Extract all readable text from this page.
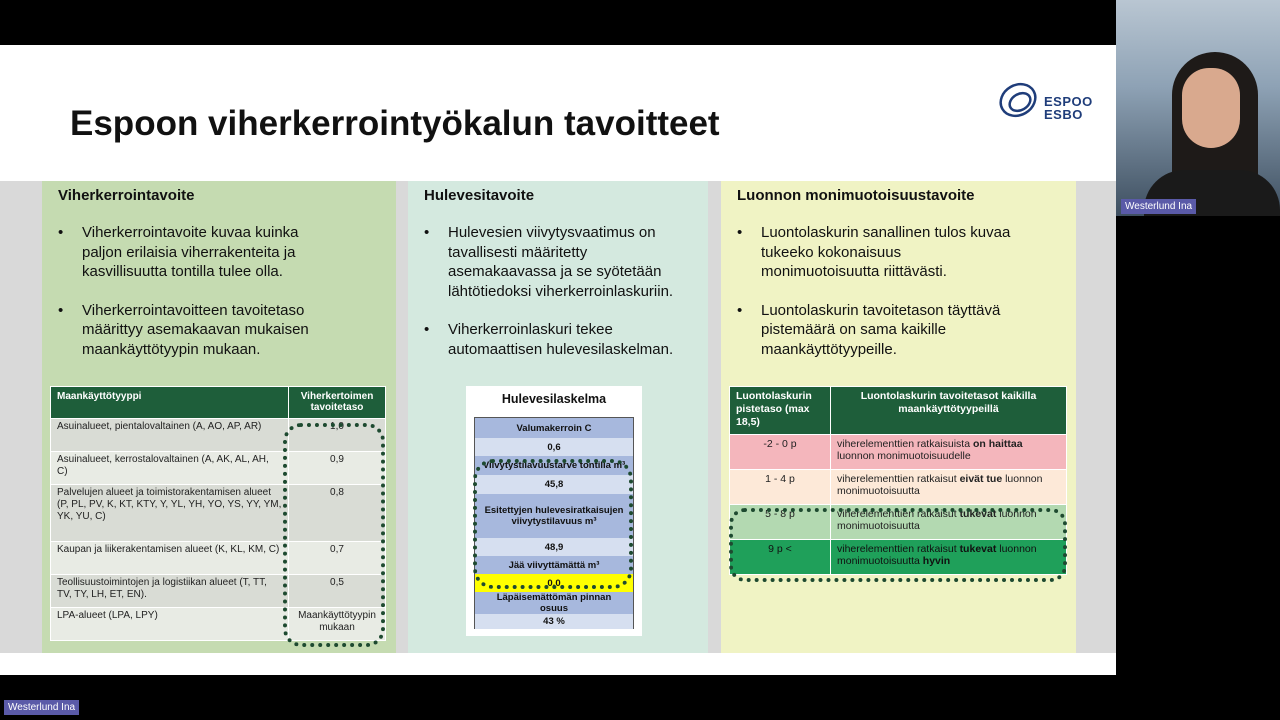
Espoon viherkerrointyökalun tavoitteet
ESPOO
ESBO
Viherkerrointavoite
• Viherkerrointavoite kuvaa kuinka
paljon erilaisia viherrakenteita ja
kasvillisuutta tontilla tulee olla.
• Viherkerrointavoitteen tavoitetaso
määrittyy asemakaavan mukaisen
maankäyttötyypin mukaan.
Maankäyttötyyppi	Viherkertoimen tavoitetaso
Asuinalueet, pientalovaltainen (A, AO, AP, AR)	1,0
Asuinalueet, kerrostalovaltainen (A, AK, AL, AH, C)	0,9
Palvelujen alueet ja toimistorakentamisen alueet (P, PL, PV, K, KT, KTY, Y, YL, YH, YO, YS, YY, YM, YK, YU, C)	0,8
Kaupan ja liikerakentamisen alueet (K, KL, KM, C)	0,7
Teollisuustoimintojen ja logistiikan alueet (T, TT, TV, TY, LH, ET, EN).	0,5
LPA-alueet (LPA, LPY)	Maankäyttötyypin mukaan
Hulevesitavoite
• Hulevesien viivytysvaatimus on
tavallisesti määritetty
asemakaavassa ja se syötetään
lähtötiedoksi viherkerroinlaskuriin.
• Viherkerroinlaskuri tekee
automaattisen hulevesilaskelman.
Hulevesilaskelma
Valumakerroin C
0,6
Viivytystilavuustarve tontilla m³
45,8
Esitettyjen hulevesiratkaisujen viivytystilavuus m³
48,9
Jää viivyttämättä m³
0,0
Läpäisemättömän pinnan osuus
43 %
Luonnon monimuotoisuustavoite
• Luontolaskurin sanallinen tulos kuvaa
tukeeko kokonaisuus
monimuotoisuutta riittävästi.
• Luontolaskurin tavoitetason täyttävä
pistemäärä on sama kaikille
maankäyttötyypeille.
Luontolaskurin pistetaso (max 18,5)	Luontolaskurin tavoitetasot kaikilla maankäyttötyypeillä
-2 - 0 p	viherelementtien ratkaisuista on haittaa luonnon monimuotoisuudelle
1 - 4 p	viherelementtien ratkaisut eivät tue luonnon monimuotoisuutta
5 - 8 p	viherelementtien ratkaisut tukevat luonnon monimuotoisuutta
9 p <	viherelementtien ratkaisut tukevat luonnon monimuotoisuutta hyvin
Westerlund Ina
Westerlund Ina
